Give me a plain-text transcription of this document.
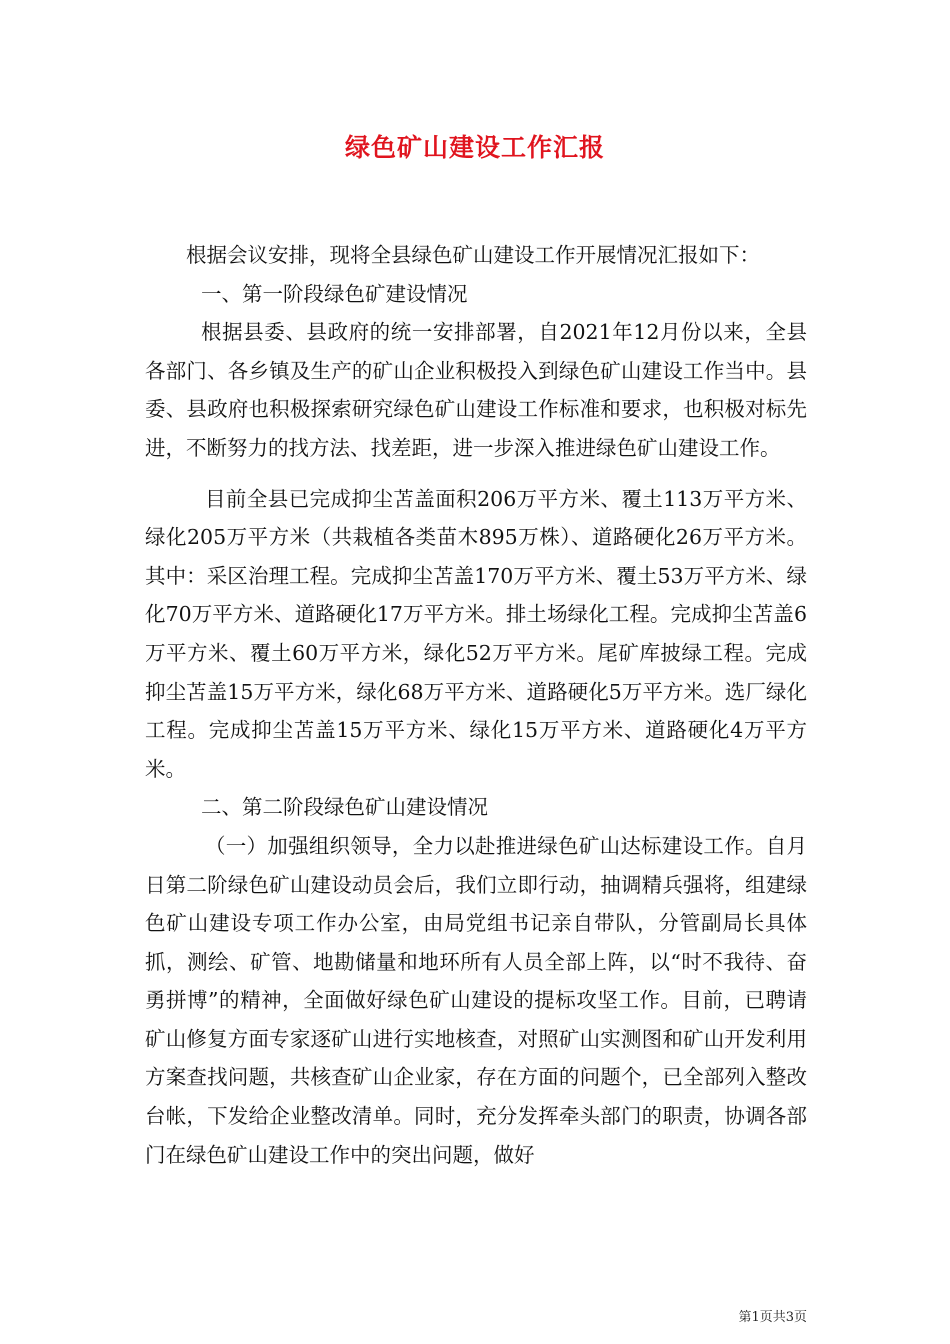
绿色矿山建设工作汇报

根据会议安排，现将全县绿色矿山建设工作开展情况汇报如下：

一、第一阶段绿色矿建设情况

根据县委、县政府的统一安排部署，自2021年12月份以来，全县各部门、各乡镇及生产的矿山企业积极投入到绿色矿山建设工作当中。县委、县政府也积极探索研究绿色矿山建设工作标准和要求，也积极对标先进，不断努力的找方法、找差距，进一步深入推进绿色矿山建设工作。

目前全县已完成抑尘苫盖面积206万平方米、覆土113万平方米、绿化205万平方米（共栽植各类苗木895万株）、道路硬化26万平方米。其中：采区治理工程。完成抑尘苫盖170万平方米、覆土53万平方米、绿化70万平方米、道路硬化17万平方米。排土场绿化工程。完成抑尘苫盖6万平方米、覆土60万平方米，绿化52万平方米。尾矿库披绿工程。完成抑尘苫盖15万平方米，绿化68万平方米、道路硬化5万平方米。选厂绿化工程。完成抑尘苫盖15万平方米、绿化15万平方米、道路硬化4万平方米。

二、第二阶段绿色矿山建设情况

（一）加强组织领导，全力以赴推进绿色矿山达标建设工作。自月日第二阶绿色矿山建设动员会后，我们立即行动，抽调精兵强将，组建绿色矿山建设专项工作办公室，由局党组书记亲自带队，分管副局长具体抓，测绘、矿管、地勘储量和地环所有人员全部上阵，以“时不我待、奋勇拼博”的精神，全面做好绿色矿山建设的提标攻坚工作。目前，已聘请矿山修复方面专家逐矿山进行实地核查，对照矿山实测图和矿山开发利用方案查找问题，共核查矿山企业家，存在方面的问题个，已全部列入整改台帐，下发给企业整改清单。同时，充分发挥牵头部门的职责，协调各部门在绿色矿山建设工作中的突出问题，做好

第1页共3页
